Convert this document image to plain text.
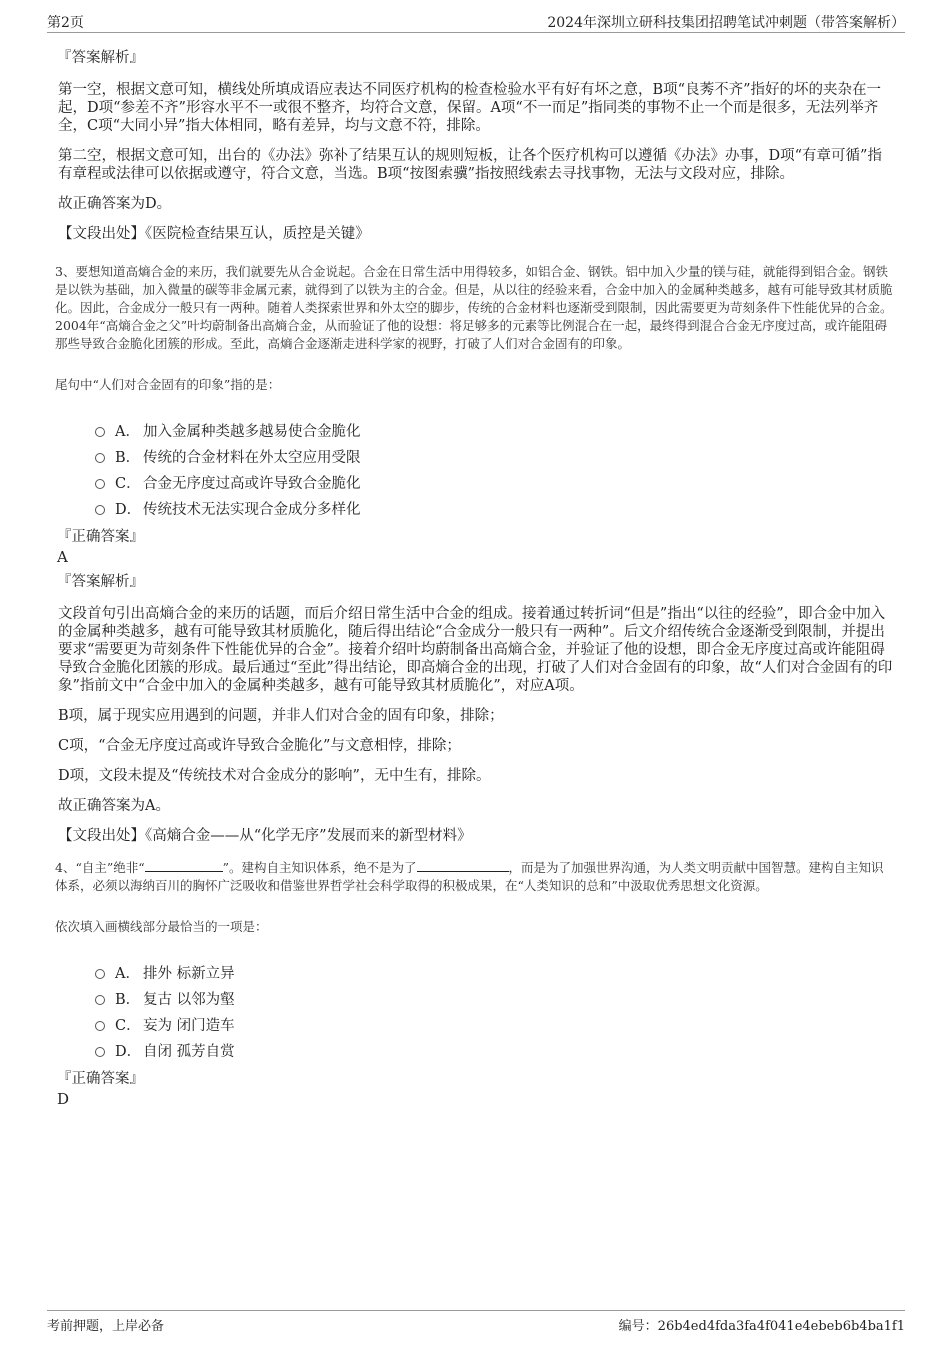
第2页	2024年深圳立研科技集团招聘笔试冲刺题（带答案解析）
『答案解析』

第一空，根据文意可知，横线处所填成语应表达不同医疗机构的检查检验水平有好有坏之意，B项“良莠不齐”指好的坏的夹杂在一起，D项“参差不齐”形容水平不一或很不整齐，均符合文意，保留。A项“不一而足”指同类的事物不止一个而是很多，无法列举齐全，C项“大同小异”指大体相同，略有差异，均与文意不符，排除。

第二空，根据文意可知，出台的《办法》弥补了结果互认的规则短板，让各个医疗机构可以遵循《办法》办事，D项“有章可循”指有章程或法律可以依据或遵守，符合文意，当选。B项“按图索骥”指按照线索去寻找事物，无法与文段对应，排除。

故正确答案为D。

【文段出处】《医院检查结果互认，质控是关键》

3、要想知道高熵合金的来历，我们就要先从合金说起。合金在日常生活中用得较多，如铝合金、钢铁。铝中加入少量的镁与硅，就能得到铝合金。钢铁是以铁为基础，加入微量的碳等非金属元素，就得到了以铁为主的合金。但是，从以往的经验来看，合金中加入的金属种类越多，越有可能导致其材质脆化。因此，合金成分一般只有一两种。随着人类探索世界和外太空的脚步，传统的合金材料也逐渐受到限制，因此需要更为苛刻条件下性能优异的合金。2004年“高熵合金之父”叶均蔚制备出高熵合金，从而验证了他的设想：将足够多的元素等比例混合在一起，最终得到混合合金无序度过高，或许能阻碍那些导致合金脆化团簇的形成。至此，高熵合金逐渐走进科学家的视野，打破了人们对合金固有的印象。

尾句中“人们对合金固有的印象”指的是：
A． 加入金属种类越多越易使合金脆化
B． 传统的合金材料在外太空应用受限
C． 合金无序度过高或许导致合金脆化
D． 传统技术无法实现合金成分多样化
『正确答案』
A
『答案解析』

文段首句引出高熵合金的来历的话题，而后介绍日常生活中合金的组成。接着通过转折词“但是”指出“以往的经验”，即合金中加入的金属种类越多，越有可能导致其材质脆化，随后得出结论“合金成分一般只有一两种”。后文介绍传统合金逐渐受到限制，并提出要求“需要更为苛刻条件下性能优异的合金”。接着介绍叶均蔚制备出高熵合金，并验证了他的设想，即合金无序度过高或许能阻碍导致合金脆化团簇的形成。最后通过“至此”得出结论，即高熵合金的出现，打破了人们对合金固有的印象，故“人们对合金固有的印象”指前文中“合金中加入的金属种类越多，越有可能导致其材质脆化”，对应A项。

B项，属于现实应用遇到的问题，并非人们对合金的固有印象，排除；

C项，“合金无序度过高或许导致合金脆化”与文意相悖，排除；

D项，文段未提及“传统技术对合金成分的影响”，无中生有，排除。

故正确答案为A。

【文段出处】《高熵合金——从“化学无序”发展而来的新型材料》

4、“自主”绝非“	”。建构自主知识体系，绝不是为了	，而是为了加强世界沟通，为人类文明贡献中国智慧。建构自主知识体系，必须以海纳百川的胸怀广泛吸收和借鉴世界哲学社会科学取得的积极成果，在“人类知识的总和”中汲取优秀思想文化资源。

依次填入画横线部分最恰当的一项是：
A． 排外 标新立异
B． 复古 以邻为壑
C． 妄为 闭门造车
D． 自闭 孤芳自赏
『正确答案』
D
考前押题，上岸必备	编号：26b4ed4fda3fa4f041e4ebeb6b4ba1f1
